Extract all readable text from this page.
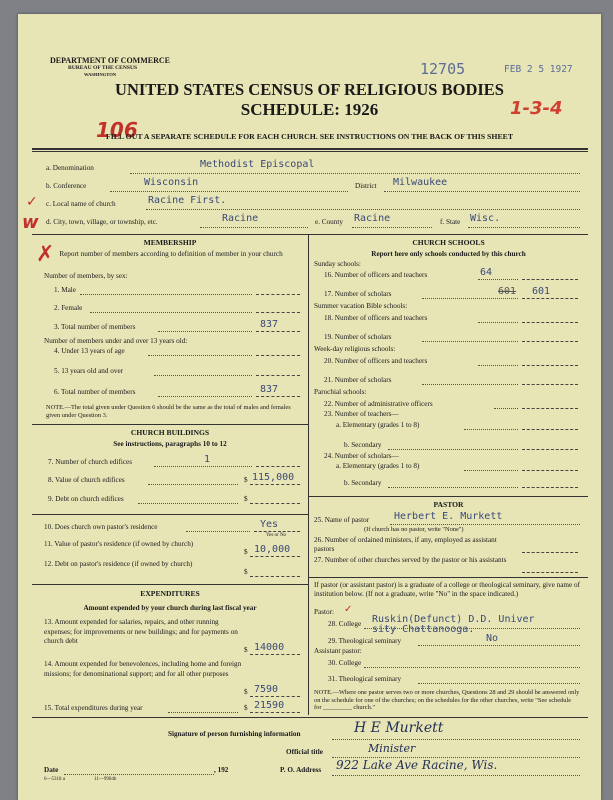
DEPARTMENT OF COMMERCE
BUREAU OF THE CENSUS
WASHINGTON	12705	FEB 2 5 1927
UNITED STATES CENSUS OF RELIGIOUS BODIES
SCHEDULE: 1926
106
1-3-4
FILL OUT A SEPARATE SCHEDULE FOR EACH CHURCH. SEE INSTRUCTIONS ON THE BACK OF THIS SHEET
a. Denomination	Methodist Episcopal
b. Conference	Wisconsin	District Milwaukee
c. Local name of church	Racine First.
✓
d. City, town, village, or township, etc.	Racine	e. County Racine	f. State Wisc.
w
MEMBERSHIP
Report number of members according to definition of member in your church
✗
Number of members, by sex:
1. Male
2. Female
3. Total number of members	837
Number of members under and over 13 years old:
4. Under 13 years of age
5. 13 years old and over
6. Total number of members	837
NOTE.—The total given under Question 6 should be the same as the total of males and females given under Question 3.
CHURCH BUILDINGS
See instructions, paragraphs 10 to 12
7. Number of church edifices	1
8. Value of church edifices	$ 115,000
9. Debt on church edifices	$
10. Does church own pastor's residence	Yes
Yes or No
11. Value of pastor's residence (if owned by church)
$ 10,000
12. Debt on pastor's residence (if owned by church)
$
EXPENDITURES
Amount expended by your church during last fiscal year
13. Amount expended for salaries, repairs, and other running expenses; for improvements or new buildings; and for payments on church debt
$ 14000
14. Amount expended for benevolences, including home and foreign missions; for denominational support; and for all other purposes
$ 7590
15. Total expenditures during year	$ 21590
CHURCH SCHOOLS
Report here only schools conducted by this church
Sunday schools:
16. Number of officers and teachers	64
17. Number of scholars	601
601
Summer vacation Bible schools:
18. Number of officers and teachers
19. Number of scholars
Week-day religious schools:
20. Number of officers and teachers
21. Number of scholars
Parochial schools:
22. Number of administrative officers
23. Number of teachers—
a. Elementary (grades 1 to 8)
b. Secondary
24. Number of scholars—
a. Elementary (grades 1 to 8)
b. Secondary
PASTOR
25. Name of pastor Herbert E. Murkett
(If church has no pastor, write "None")
26. Number of ordained ministers, if any, employed as assistant pastors
27. Number of other churches served by the pastor or his assistants
If pastor (or assistant pastor) is a graduate of a college or theological seminary, give name of institution below. (If not a graduate, write "No" in the space indicated.)
Pastor: ✓
28. College Ruskin(Defunct) D.D. Univer
sity Chattanooga.
29. Theological seminary	No
Assistant pastor:
30. College
31. Theological seminary
NOTE.—Where one pastor serves two or more churches, Questions 28 and 29 should be answered only on the schedule for one of the churches; on the schedules for the other churches, write "See schedule for _________ church."
Signature of person furnishing information	H E Murkett
Official title	Minister
Date	, 192	P. O. Address 922 Lake Ave Racine, Wis.
6—5318 a	11—9904b
